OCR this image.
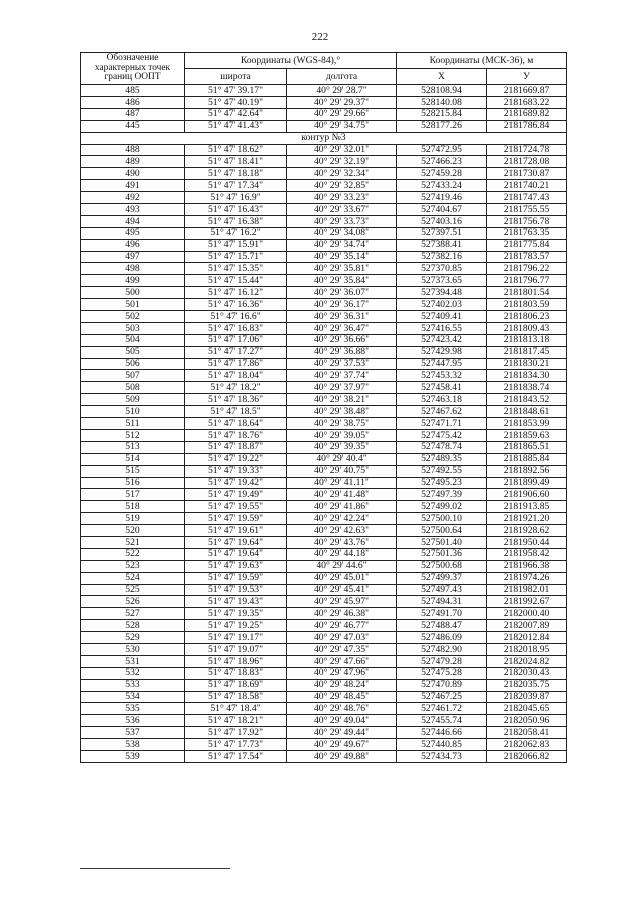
222
Обозначение характерных точек границ ООПТ	Координаты (WGS-84),°		Координаты (МСК-36), м	
	широта	долгота	X	У
485	51° 47' 39.17"	40° 29' 28.7"	528108.94	2181669.87
486	51° 47' 40.19"	40° 29' 29.37"	528140.08	2181683.22
487	51° 47' 42.64"	40° 29' 29.66"	528215.84	2181689.82
445	51° 47' 41.43"	40° 29' 34.75"	528177.26	2181786.84
контур №3				
488	51° 47' 18.62"	40° 29' 32.01"	527472.95	2181724.78
489	51° 47' 18.41"	40° 29' 32.19"	527466.23	2181728.08
490	51° 47' 18.18"	40° 29' 32.34"	527459.28	2181730.87
491	51° 47' 17.34"	40° 29' 32.85"	527433.24	2181740.21
492	51° 47' 16.9"	40° 29' 33.23"	527419.46	2181747.43
493	51° 47' 16.43"	40° 29' 33.67"	527404.67	2181755.55
494	51° 47' 16.38"	40° 29' 33.73"	527403.16	2181756.78
495	51° 47' 16.2"	40° 29' 34.08"	527397.51	2181763.35
496	51° 47' 15.91"	40° 29' 34.74"	527388.41	2181775.84
497	51° 47' 15.71"	40° 29' 35.14"	527382.16	2181783.57
498	51° 47' 15.35"	40° 29' 35.81"	527370.85	2181796.22
499	51° 47' 15.44"	40° 29' 35.84"	527373.65	2181796.77
500	51° 47' 16.12"	40° 29' 36.07"	527394.48	2181801.54
501	51° 47' 16.36"	40° 29' 36.17"	527402.03	2181803.59
502	51° 47' 16.6"	40° 29' 36.31"	527409.41	2181806.23
503	51° 47' 16.83"	40° 29' 36.47"	527416.55	2181809.43
504	51° 47' 17.06"	40° 29' 36.66"	527423.42	2181813.18
505	51° 47' 17.27"	40° 29' 36.88"	527429.98	2181817.45
506	51° 47' 17.86"	40° 29' 37.53"	527447.95	2181830.21
507	51° 47' 18.04"	40° 29' 37.74"	527453.32	2181834.30
508	51° 47' 18.2"	40° 29' 37.97"	527458.41	2181838.74
509	51° 47' 18.36"	40° 29' 38.21"	527463.18	2181843.52
510	51° 47' 18.5"	40° 29' 38.48"	527467.62	2181848.61
511	51° 47' 18.64"	40° 29' 38.75"	527471.71	2181853.99
512	51° 47' 18.76"	40° 29' 39.05"	527475.42	2181859.63
513	51° 47' 18.87"	40° 29' 39.35"	527478.74	2181865.51
514	51° 47' 19.22"	40° 29' 40.4"	527489.35	2181885.84
515	51° 47' 19.33"	40° 29' 40.75"	527492.55	2181892.56
516	51° 47' 19.42"	40° 29' 41.11"	527495.23	2181899.49
517	51° 47' 19.49"	40° 29' 41.48"	527497.39	2181906.60
518	51° 47' 19.55"	40° 29' 41.86"	527499.02	2181913.85
519	51° 47' 19.59"	40° 29' 42.24"	527500.10	2181921.20
520	51° 47' 19.61"	40° 29' 42.63"	527500.64	2181928.62
521	51° 47' 19.64"	40° 29' 43.76"	527501.40	2181950.44
522	51° 47' 19.64"	40° 29' 44.18"	527501.36	2181958.42
523	51° 47' 19.63"	40° 29' 44.6"	527500.68	2181966.38
524	51° 47' 19.59"	40° 29' 45.01"	527499.37	2181974.26
525	51° 47' 19.53"	40° 29' 45.41"	527497.43	2181982.01
526	51° 47' 19.43"	40° 29' 45.97"	527494.31	2181992.67
527	51° 47' 19.35"	40° 29' 46.38"	527491.70	2182000.40
528	51° 47' 19.25"	40° 29' 46.77"	527488.47	2182007.89
529	51° 47' 19.17"	40° 29' 47.03"	527486.09	2182012.84
530	51° 47' 19.07"	40° 29' 47.35"	527482.90	2182018.95
531	51° 47' 18.96"	40° 29' 47.66"	527479.28	2182024.82
532	51° 47' 18.83"	40° 29' 47.96"	527475.28	2182030.43
533	51° 47' 18.69"	40° 29' 48.24"	527470.89	2182035.75
534	51° 47' 18.58"	40° 29' 48.45"	527467.25	2182039.87
535	51° 47' 18.4"	40° 29' 48.76"	527461.72	2182045.65
536	51° 47' 18.21"	40° 29' 49.04"	527455.74	2182050.96
537	51° 47' 17.92"	40° 29' 49.44"	527446.66	2182058.41
538	51° 47' 17.73"	40° 29' 49.67"	527440.85	2182062.83
539	51° 47' 17.54"	40° 29' 49.88"	527434.73	2182066.82
